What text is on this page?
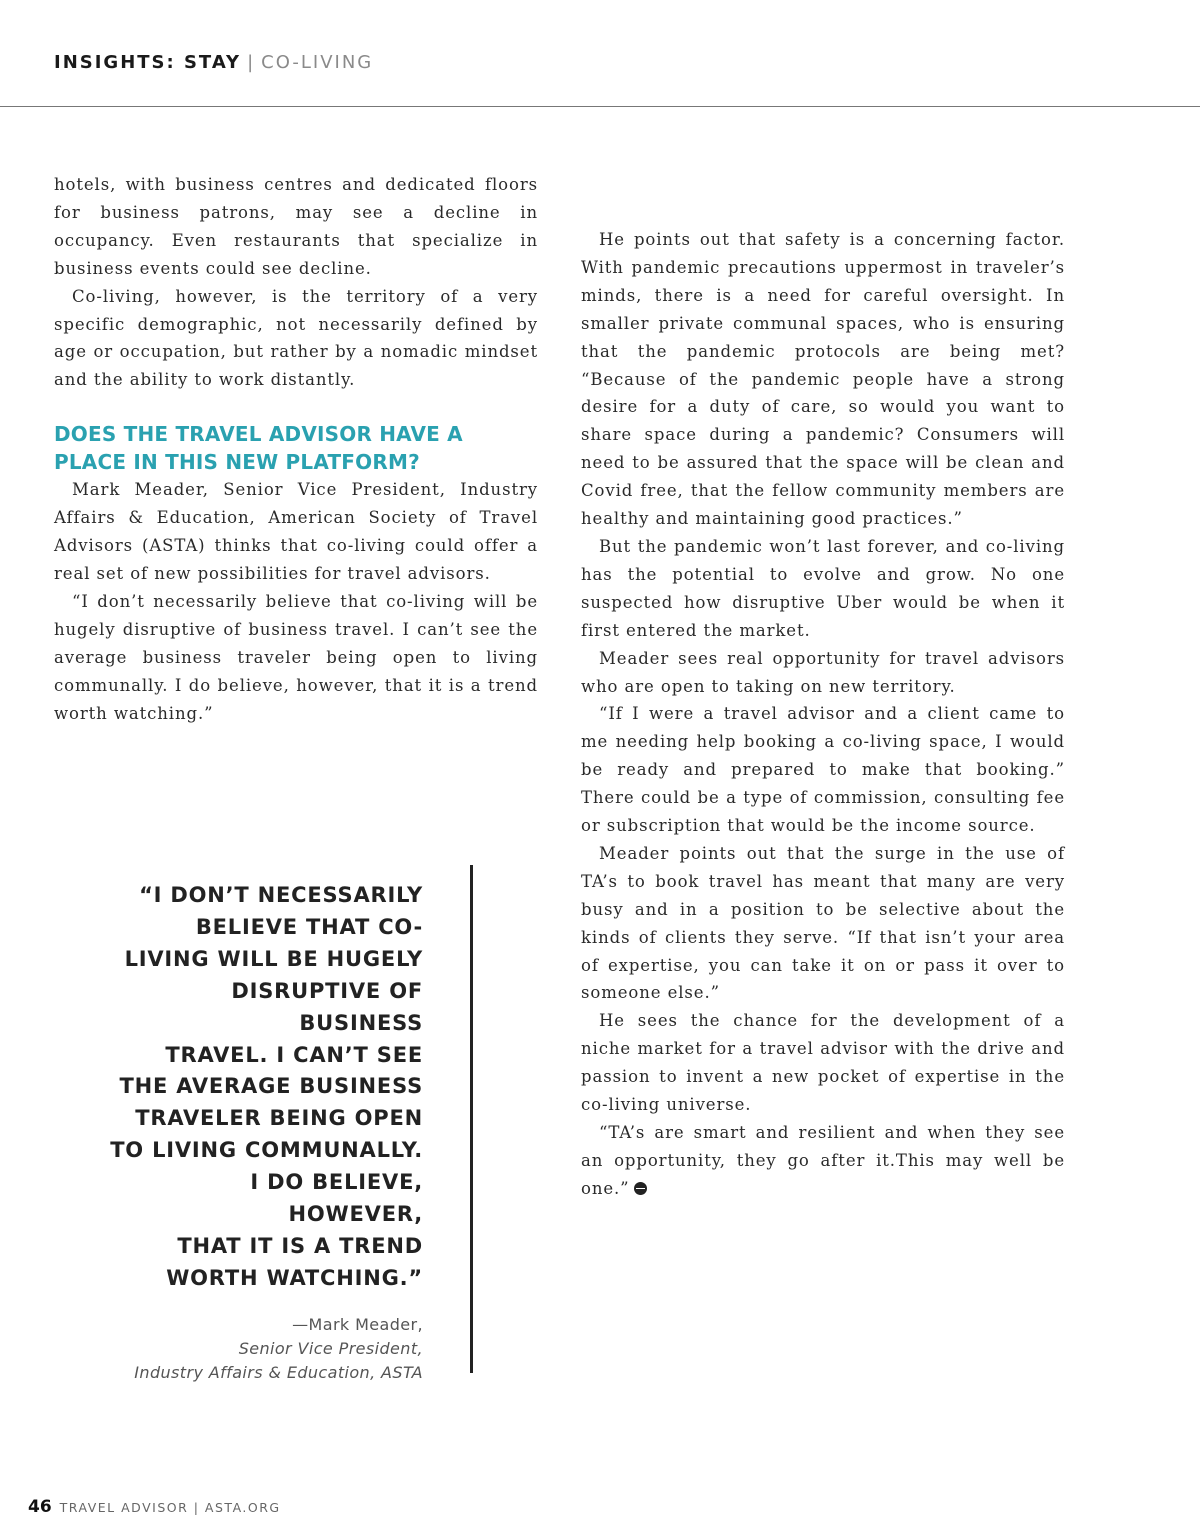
INSIGHTS: STAY | CO-LIVING

hotels, with business centres and dedicated floors for business patrons, may see a decline in occupancy. Even restaurants that specialize in business events could see decline.

Co-living, however, is the territory of a very specific demographic, not necessarily defined by age or occupation, but rather by a nomadic mindset and the ability to work distantly.

DOES THE TRAVEL ADVISOR HAVE A PLACE IN THIS NEW PLATFORM?

Mark Meader, Senior Vice President, Industry Affairs & Education, American Society of Travel Advisors (ASTA) thinks that co-living could offer a real set of new possibilities for travel advisors.

“I don’t necessarily believe that co-living will be hugely disruptive of business travel. I can’t see the average business traveler being open to living communally. I do believe, however, that it is a trend worth watching.”

“I DON’T NECESSARILY
BELIEVE THAT CO-
LIVING WILL BE HUGELY
DISRUPTIVE OF BUSINESS
TRAVEL. I CAN’T SEE
THE AVERAGE BUSINESS
TRAVELER BEING OPEN
TO LIVING COMMUNALLY.
I DO BELIEVE, HOWEVER,
THAT IT IS A TREND
WORTH WATCHING.”
—Mark Meader,
Senior Vice President,
Industry Affairs & Education, ASTA

He points out that safety is a concerning factor. With pandemic precautions uppermost in traveler’s minds, there is a need for careful oversight. In smaller private communal spaces, who is ensuring that the pandemic protocols are being met? “Because of the pandemic people have a strong desire for a duty of care, so would you want to share space during a pandemic? Consumers will need to be assured that the space will be clean and Covid free, that the fellow community members are healthy and maintaining good practices.”

But the pandemic won’t last forever, and co-living has the potential to evolve and grow. No one suspected how disruptive Uber would be when it first entered the market.

Meader sees real opportunity for travel advisors who are open to taking on new territory.

“If I were a travel advisor and a client came to me needing help booking a co-living space, I would be ready and prepared to make that booking.” There could be a type of commission, consulting fee or subscription that would be the income source.

Meader points out that the surge in the use of TA’s to book travel has meant that many are very busy and in a position to be selective about the kinds of clients they serve. “If that isn’t your area of expertise, you can take it on or pass it over to someone else.”

He sees the chance for the development of a niche market for a travel advisor with the drive and passion to invent a new pocket of expertise in the co-living universe.

“TA’s are smart and resilient and when they see an opportunity, they go after it.This may well be one.”

46 TRAVEL ADVISOR | ASTA.ORG
